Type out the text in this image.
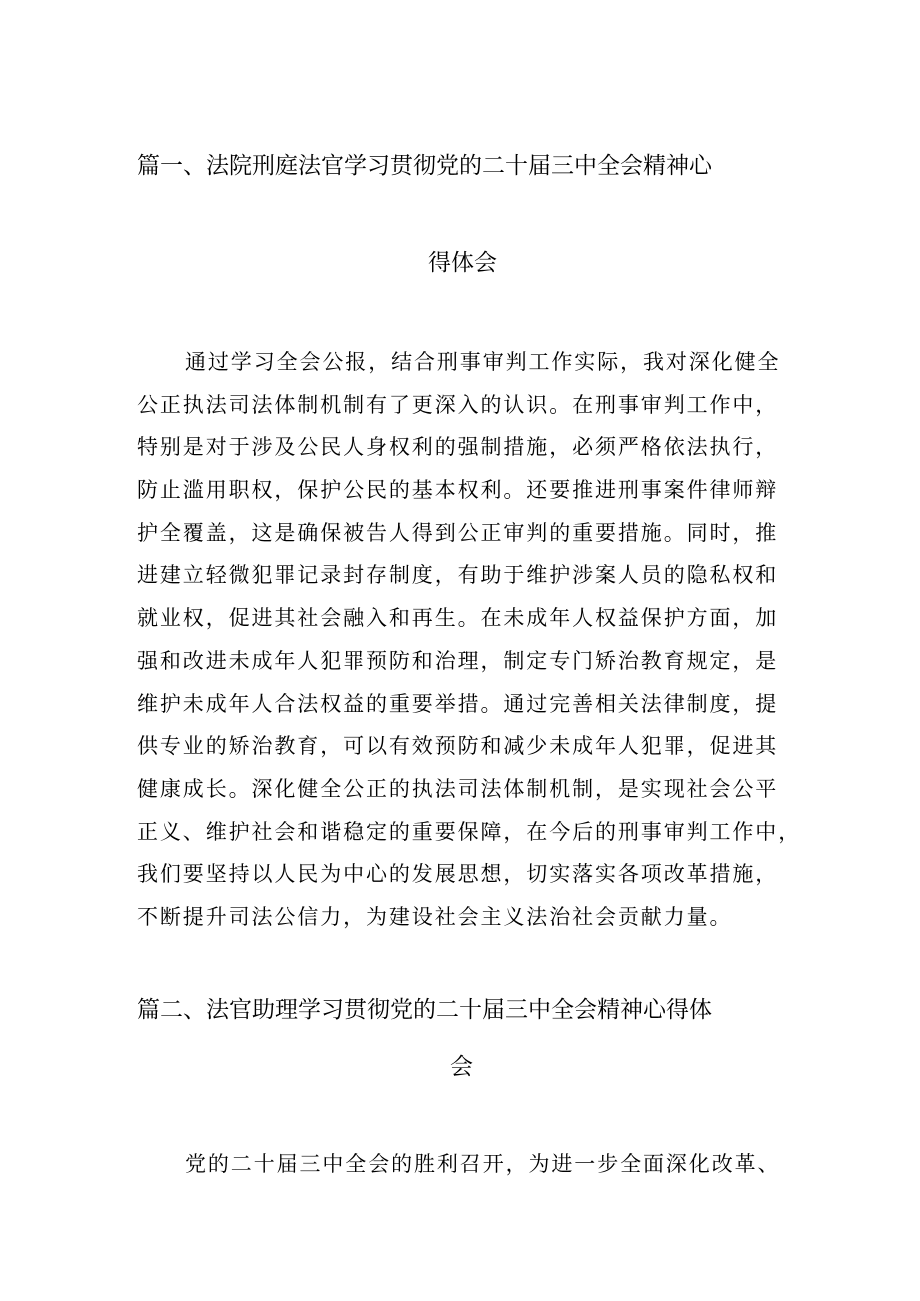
篇一、法院刑庭法官学习贯彻党的二十届三中全会精神心
得体会
通过学习全会公报，结合刑事审判工作实际，我对深化健全
公正执法司法体制机制有了更深入的认识。在刑事审判工作中，
特别是对于涉及公民人身权利的强制措施，必须严格依法执行，
防止滥用职权，保护公民的基本权利。还要推进刑事案件律师辩
护全覆盖，这是确保被告人得到公正审判的重要措施。同时，推
进建立轻微犯罪记录封存制度，有助于维护涉案人员的隐私权和
就业权，促进其社会融入和再生。在未成年人权益保护方面，加
强和改进未成年人犯罪预防和治理，制定专门矫治教育规定，是
维护未成年人合法权益的重要举措。通过完善相关法律制度，提
供专业的矫治教育，可以有效预防和减少未成年人犯罪，促进其
健康成长。深化健全公正的执法司法体制机制，是实现社会公平
正义、维护社会和谐稳定的重要保障，在今后的刑事审判工作中，
我们要坚持以人民为中心的发展思想，切实落实各项改革措施，
不断提升司法公信力，为建设社会主义法治社会贡献力量。
篇二、法官助理学习贯彻党的二十届三中全会精神心得体
会
党的二十届三中全会的胜利召开，为进一步全面深化改革、
